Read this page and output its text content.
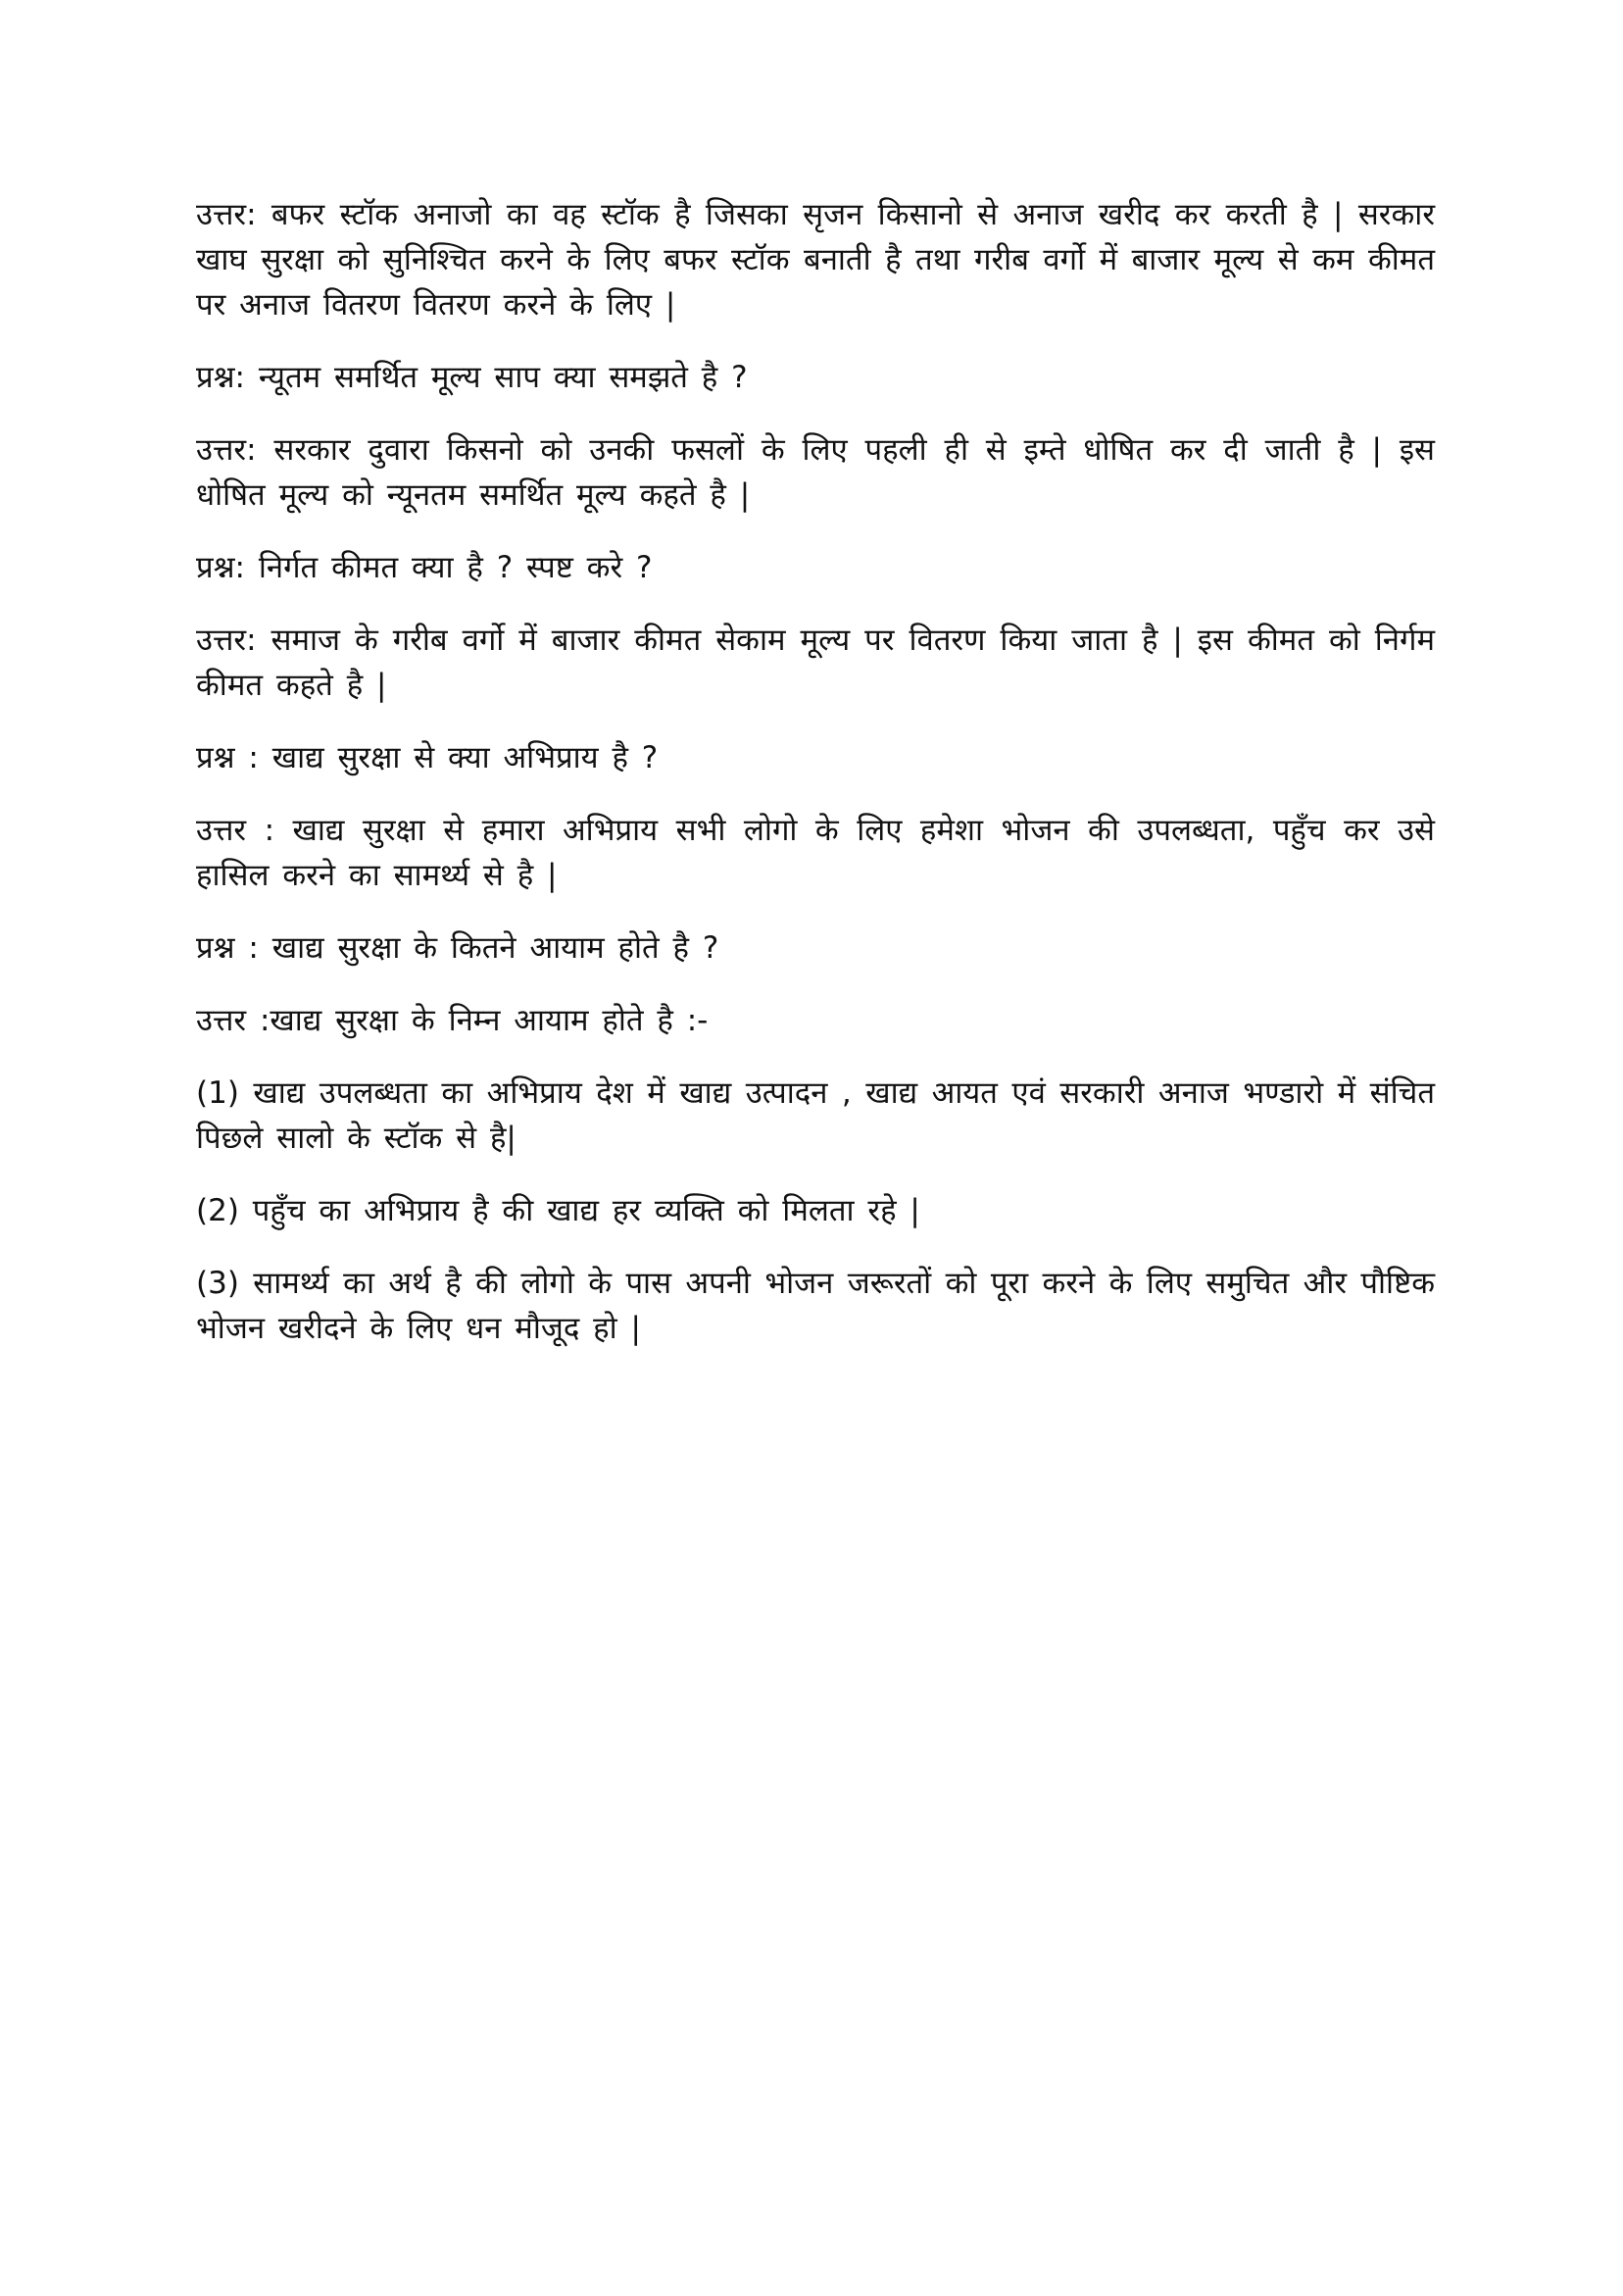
उत्तर: बफर स्टॉक अनाजो का वह स्टॉक है जिसका सृजन किसानो से अनाज खरीद कर करती है | सरकार खाघ सुरक्षा को सुनिश्चित करने के लिए बफर स्टॉक बनाती है तथा गरीब वर्गो में बाजार मूल्य से कम कीमत पर अनाज वितरण वितरण करने के लिए |

प्रश्न: न्यूतम समर्थित मूल्य साप क्या समझते है ?

उत्तर: सरकार दुवारा किसनो को उनकी फसलों के लिए पहली ही से इम्ते धोषित कर दी जाती है | इस धोषित मूल्य को न्यूनतम समर्थित मूल्य कहते है |

प्रश्न: निर्गत कीमत क्या है ? स्पष्ट करे ?

उत्तर: समाज के गरीब वर्गो में बाजार कीमत सेकाम मूल्य पर वितरण किया जाता है | इस कीमत को निर्गम कीमत कहते है |

प्रश्न : खाद्य सुरक्षा से क्या अभिप्राय है ?

उत्तर : खाद्य सुरक्षा से हमारा अभिप्राय सभी लोगो के लिए हमेशा भोजन की उपलब्धता, पहुँच कर उसे हासिल करने का सामर्थ्य से है |

प्रश्न : खाद्य सुरक्षा के कितने आयाम होते है ?

उत्तर :खाद्य सुरक्षा के निम्न आयाम होते है :-

(1) खाद्य उपलब्धता का अभिप्राय देश में खाद्य उत्पादन , खाद्य आयत एवं सरकारी अनाज भण्डारो में संचित पिछले सालो के स्टॉक से है|

(2) पहुँच का अभिप्राय है की खाद्य हर व्यक्ति को मिलता रहे |

(3) सामर्थ्य का अर्थ है की लोगो के पास अपनी भोजन जरूरतों को पूरा करने के लिए समुचित और पौष्टिक भोजन खरीदने के लिए धन मौजूद हो |
